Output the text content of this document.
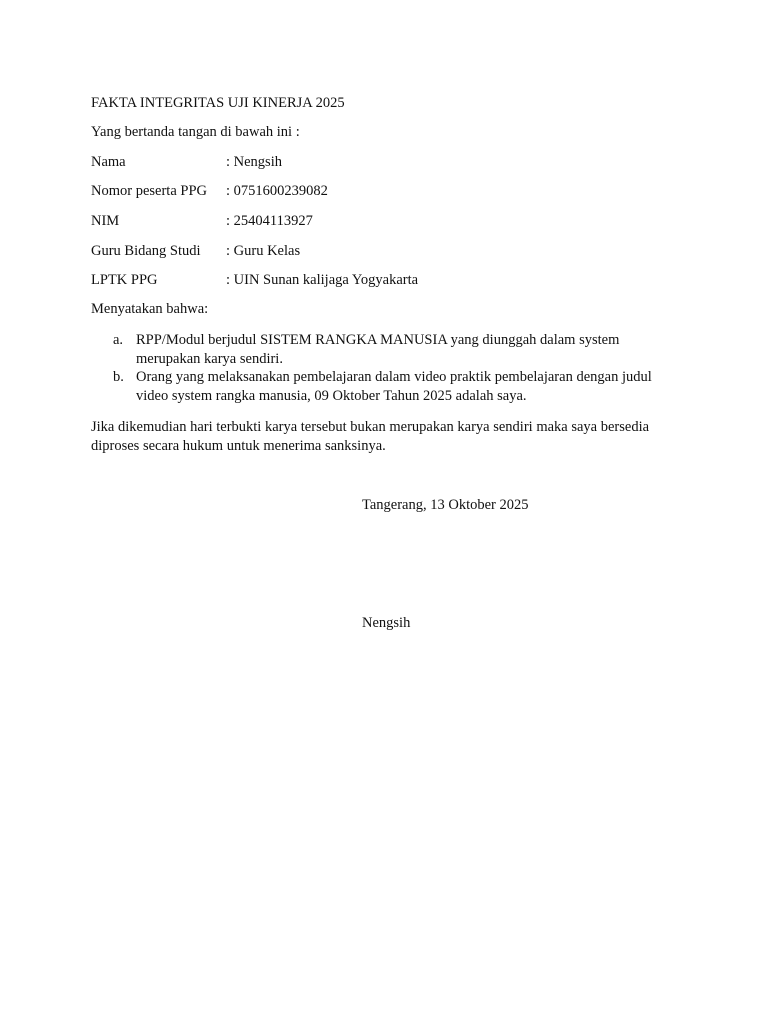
FAKTA INTEGRITAS UJI KINERJA 2025
Yang bertanda tangan di bawah ini :
Nama	: Nengsih
Nomor peserta PPG : 0751600239082
NIM	: 25404113927
Guru Bidang Studi : Guru Kelas
LPTK PPG	: UIN Sunan kalijaga Yogyakarta
Menyatakan bahwa:
a. RPP/Modul berjudul SISTEM RANGKA MANUSIA yang diunggah dalam system merupakan karya sendiri.
b. Orang yang melaksanakan pembelajaran dalam video praktik pembelajaran dengan judul video system rangka manusia, 09 Oktober Tahun 2025 adalah saya.
Jika dikemudian hari terbukti karya tersebut bukan merupakan karya sendiri maka saya bersedia diproses secara hukum untuk menerima sanksinya.
Tangerang, 13 Oktober 2025
Nengsih
